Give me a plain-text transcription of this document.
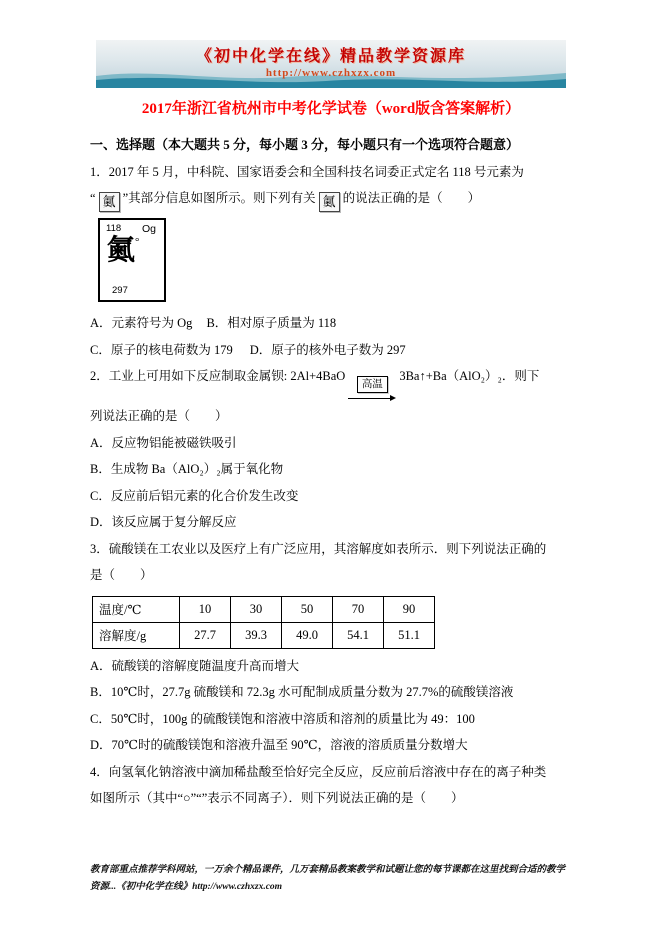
《初中化学在线》精品教学资源库
http://www.czhxzx.com
2017年浙江省杭州市中考化学试卷（word版含答案解析）

一、选择题（本大题共 5 分，每小题 3 分，每小题只有一个选项符合题意）

1．2017 年 5 月，中科院、国家语委会和全国科技名词委正式定名 118 号元素为

“ 鿫 ”其部分信息如图所示。则下列有关 鿫 的说法正确的是（　　）

118 Og
鿫°
297

A．元素符号为 Og B．相对原子质量为 118

C．原子的核电荷数为 179 D．原子的核外电子数为 297

2．工业上可用如下反应制取金属钡: 2Al+4BaO
高温
3Ba↑+Ba（AlO₂）₂．则下

列说法正确的是（　　）

A．反应物铝能被磁铁吸引

B．生成物 Ba（AlO₂）₂属于氧化物

C．反应前后铝元素的化合价发生改变

D．该反应属于复分解反应

3．硫酸镁在工农业以及医疗上有广泛应用，其溶解度如表所示．则下列说法正确的

是（　　）

温度/℃	10	30	50	70	90
溶解度/g	27.7	39.3	49.0	54.1	51.1

A．硫酸镁的溶解度随温度升高而增大

B．10℃时，27.7g 硫酸镁和 72.3g 水可配制成质量分数为 27.7%的硫酸镁溶液

C．50℃时，100g 的硫酸镁饱和溶液中溶质和溶剂的质量比为 49：100

D．70℃时的硫酸镁饱和溶液升温至 90℃，溶液的溶质质量分数增大

4．向氢氧化钠溶液中滴加稀盐酸至恰好完全反应，反应前后溶液中存在的离子种类

如图所示（其中“○”“”表示不同离子）．则下列说法正确的是（　　）

教育部重点推荐学科网站，一万余个精品课件，几万套精品教案教学和试题让您的每节课都在这里找到合适的教学
资源...《初中化学在线》http://www.czhxzx.com
